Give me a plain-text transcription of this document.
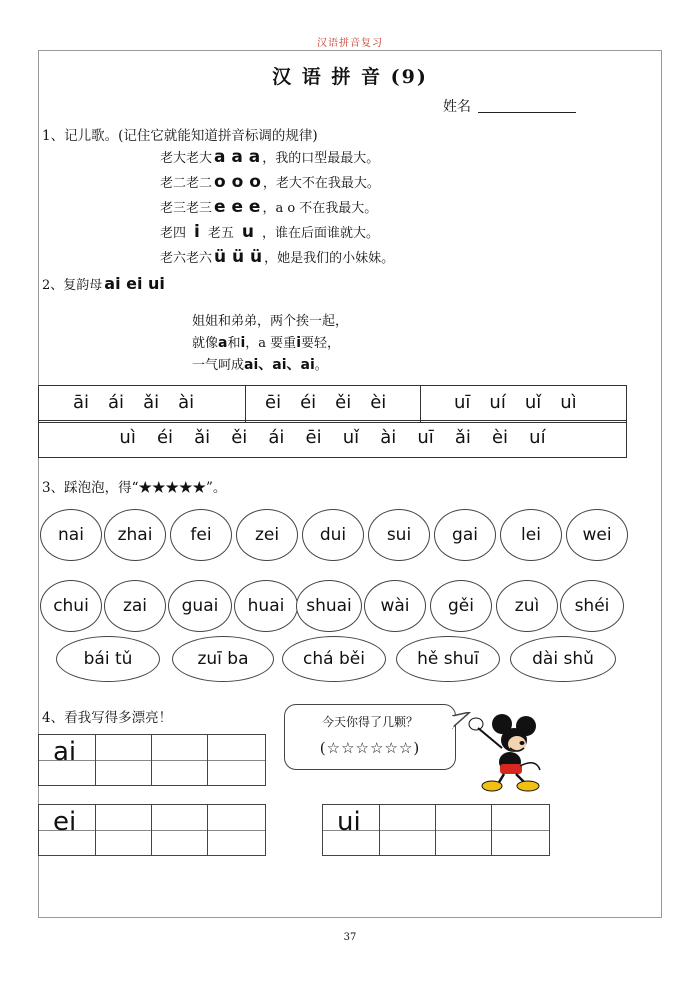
汉语拼音复习
汉 语 拼 音 (9)
姓名
1、记儿歌。(记住它就能知道拼音标调的规律)
老大老大 a a a ，我的口型最最大。
老二老二 o o o ，老大不在我最大。
老三老三 e e e ，a o 不在我最大。
老四 i 老五 u ，谁在后面谁就大。
老六老六 ü ü ü ，她是我们的小妹妹。
2、复韵母 ai ei ui
姐姐和弟弟，两个挨一起，
就像 a 和 i ，a 要重 i 要轻，
一气呵成 ai、ai、ai 。
āi ái ǎi ài	ēi éi ěi èi	uī uí uǐ uì
uì éi ǎi ěi ái ēi uǐ ài uī ǎi èi uí
3、踩泡泡，得“★★★★★”。
nai	zhai	fei	zei	dui	sui	gai	lei	wei
chui	zai	guai	huai	shuai	wài	gěi	zuì	shéi
bái tǔ	zuī ba	chá běi	hě shuī	dài shǔ
4、看我写得多漂亮！
ai
ei	ui
今天你得了几颗？
(☆☆☆☆☆☆)
37
